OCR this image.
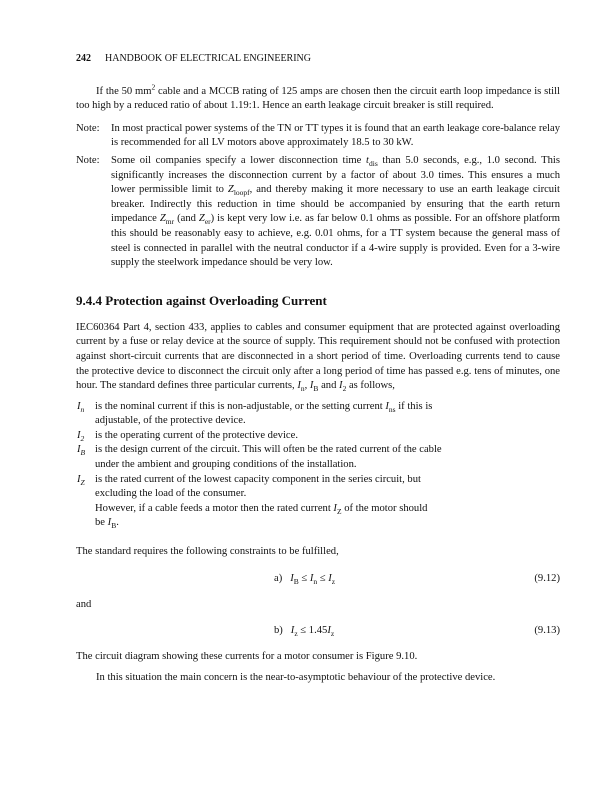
242 HANDBOOK OF ELECTRICAL ENGINEERING

If the 50 $mm^2$ cable and a MCCB rating of 125 amps are chosen then the circuit earth loop impedance is still too high by a reduced ratio of about 1.19:1. Hence an earth leakage circuit breaker is still required.

Note:	In most practical power systems of the TN or TT types it is found that an earth leakage core-balance relay is recommended for all LV motors above approximately 18.5 to 30 kW.
Note:	Some oil companies specify a lower disconnection time $t_{dis}$ than 5.0 seconds, e.g., 1.0 second. This significantly increases the disconnection current by a factor of about 3.0 times. This ensures a much lower permissible limit to $Z_{loopf}$, and thereby making it more necessary to use an earth leakage circuit breaker. Indirectly this reduction in time should be accompanied by ensuring that the earth return impedance $Z_{mr}$ (and $Z_{er}$) is kept very low i.e. as far below 0.1 ohms as possible. For an offshore platform this should be reasonably easy to achieve, e.g. 0.01 ohms, for a TT system because the general mass of steel is connected in parallel with the neutral conductor if a 4-wire supply is provided. Even for a 3-wire supply the steelwork impedance should be very low.
9.4.4 Protection against Overloading Current

IEC60364 Part 4, section 433, applies to cables and consumer equipment that are protected against overloading current by a fuse or relay device at the source of supply. This requirement should not be confused with protection against short-circuit currents that are disconnected in a short period of time. Overloading currents tend to cause the protective device to disconnect the circuit only after a long period of time has passed e.g. tens of minutes, one hour. The standard defines three particular currents, $I_n$, $I_B$ and $I_2$ as follows,

$I_n$	is the nominal current if this is non-adjustable, or the setting current $I_{ns}$ if this is
adjustable, of the protective device.
$I_2$	is the operating current of the protective device.
$I_B$ is the design current of the circuit. This will often be the rated current of the cable
under the ambient and grouping conditions of the installation.
$I_Z$ is the rated current of the lowest capacity component in the series circuit, but
excluding the load of the consumer.
However, if a cable feeds a motor then the rated current $I_Z$ of the motor should
be $I_B$.

The standard requires the following constraints to be fulfilled,

a) $I_B \le I_n \le I_z$	(9.12)

and

b) $I_z \le 1.45I_z$	(9.13)

The circuit diagram showing these currents for a motor consumer is Figure 9.10.

In this situation the main concern is the near-to-asymptotic behaviour of the protective device.
